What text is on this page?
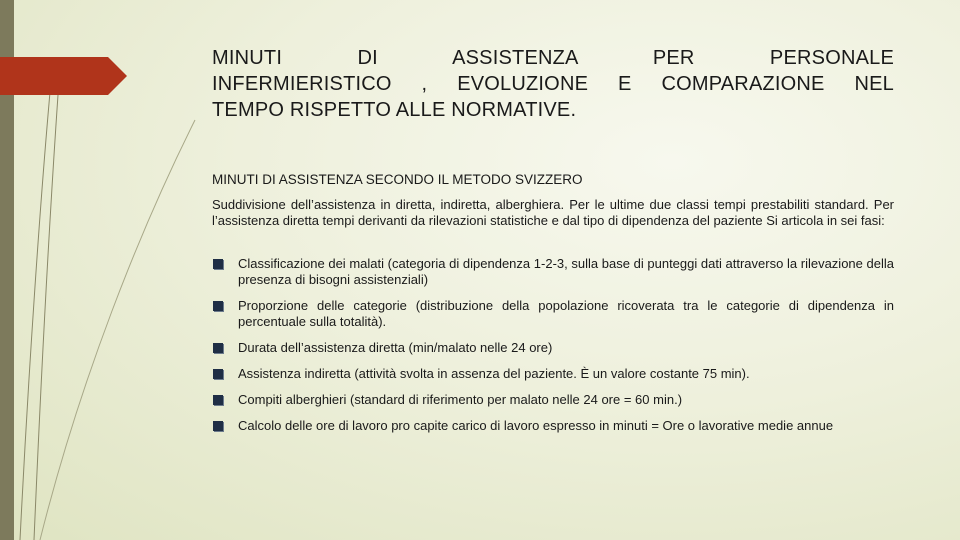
MINUTI DI ASSISTENZA PER PERSONALE
INFERMIERISTICO , EVOLUZIONE E COMPARAZIONE NEL
TEMPO RISPETTO ALLE NORMATIVE.
MINUTI DI ASSISTENZA SECONDO IL METODO SVIZZERO
Suddivisione dell’assistenza in diretta, indiretta, alberghiera. Per le ultime due classi tempi prestabiliti standard. Per l’assistenza diretta tempi derivanti da rilevazioni statistiche e dal tipo di dipendenza del paziente Si articola in sei fasi:
Classificazione dei malati (categoria di dipendenza 1-2-3, sulla base di punteggi dati attraverso la rilevazione della presenza di bisogni assistenziali)
Proporzione delle categorie (distribuzione della popolazione ricoverata tra le categorie di dipendenza in percentuale sulla totalità).
Durata dell’assistenza diretta (min/malato nelle 24 ore)
Assistenza indiretta (attività svolta in assenza del paziente. È un valore costante 75 min).
Compiti alberghieri (standard di riferimento per malato nelle 24 ore = 60 min.)
Calcolo delle ore di lavoro pro capite carico di lavoro espresso in minuti = Ore o lavorative medie annue
